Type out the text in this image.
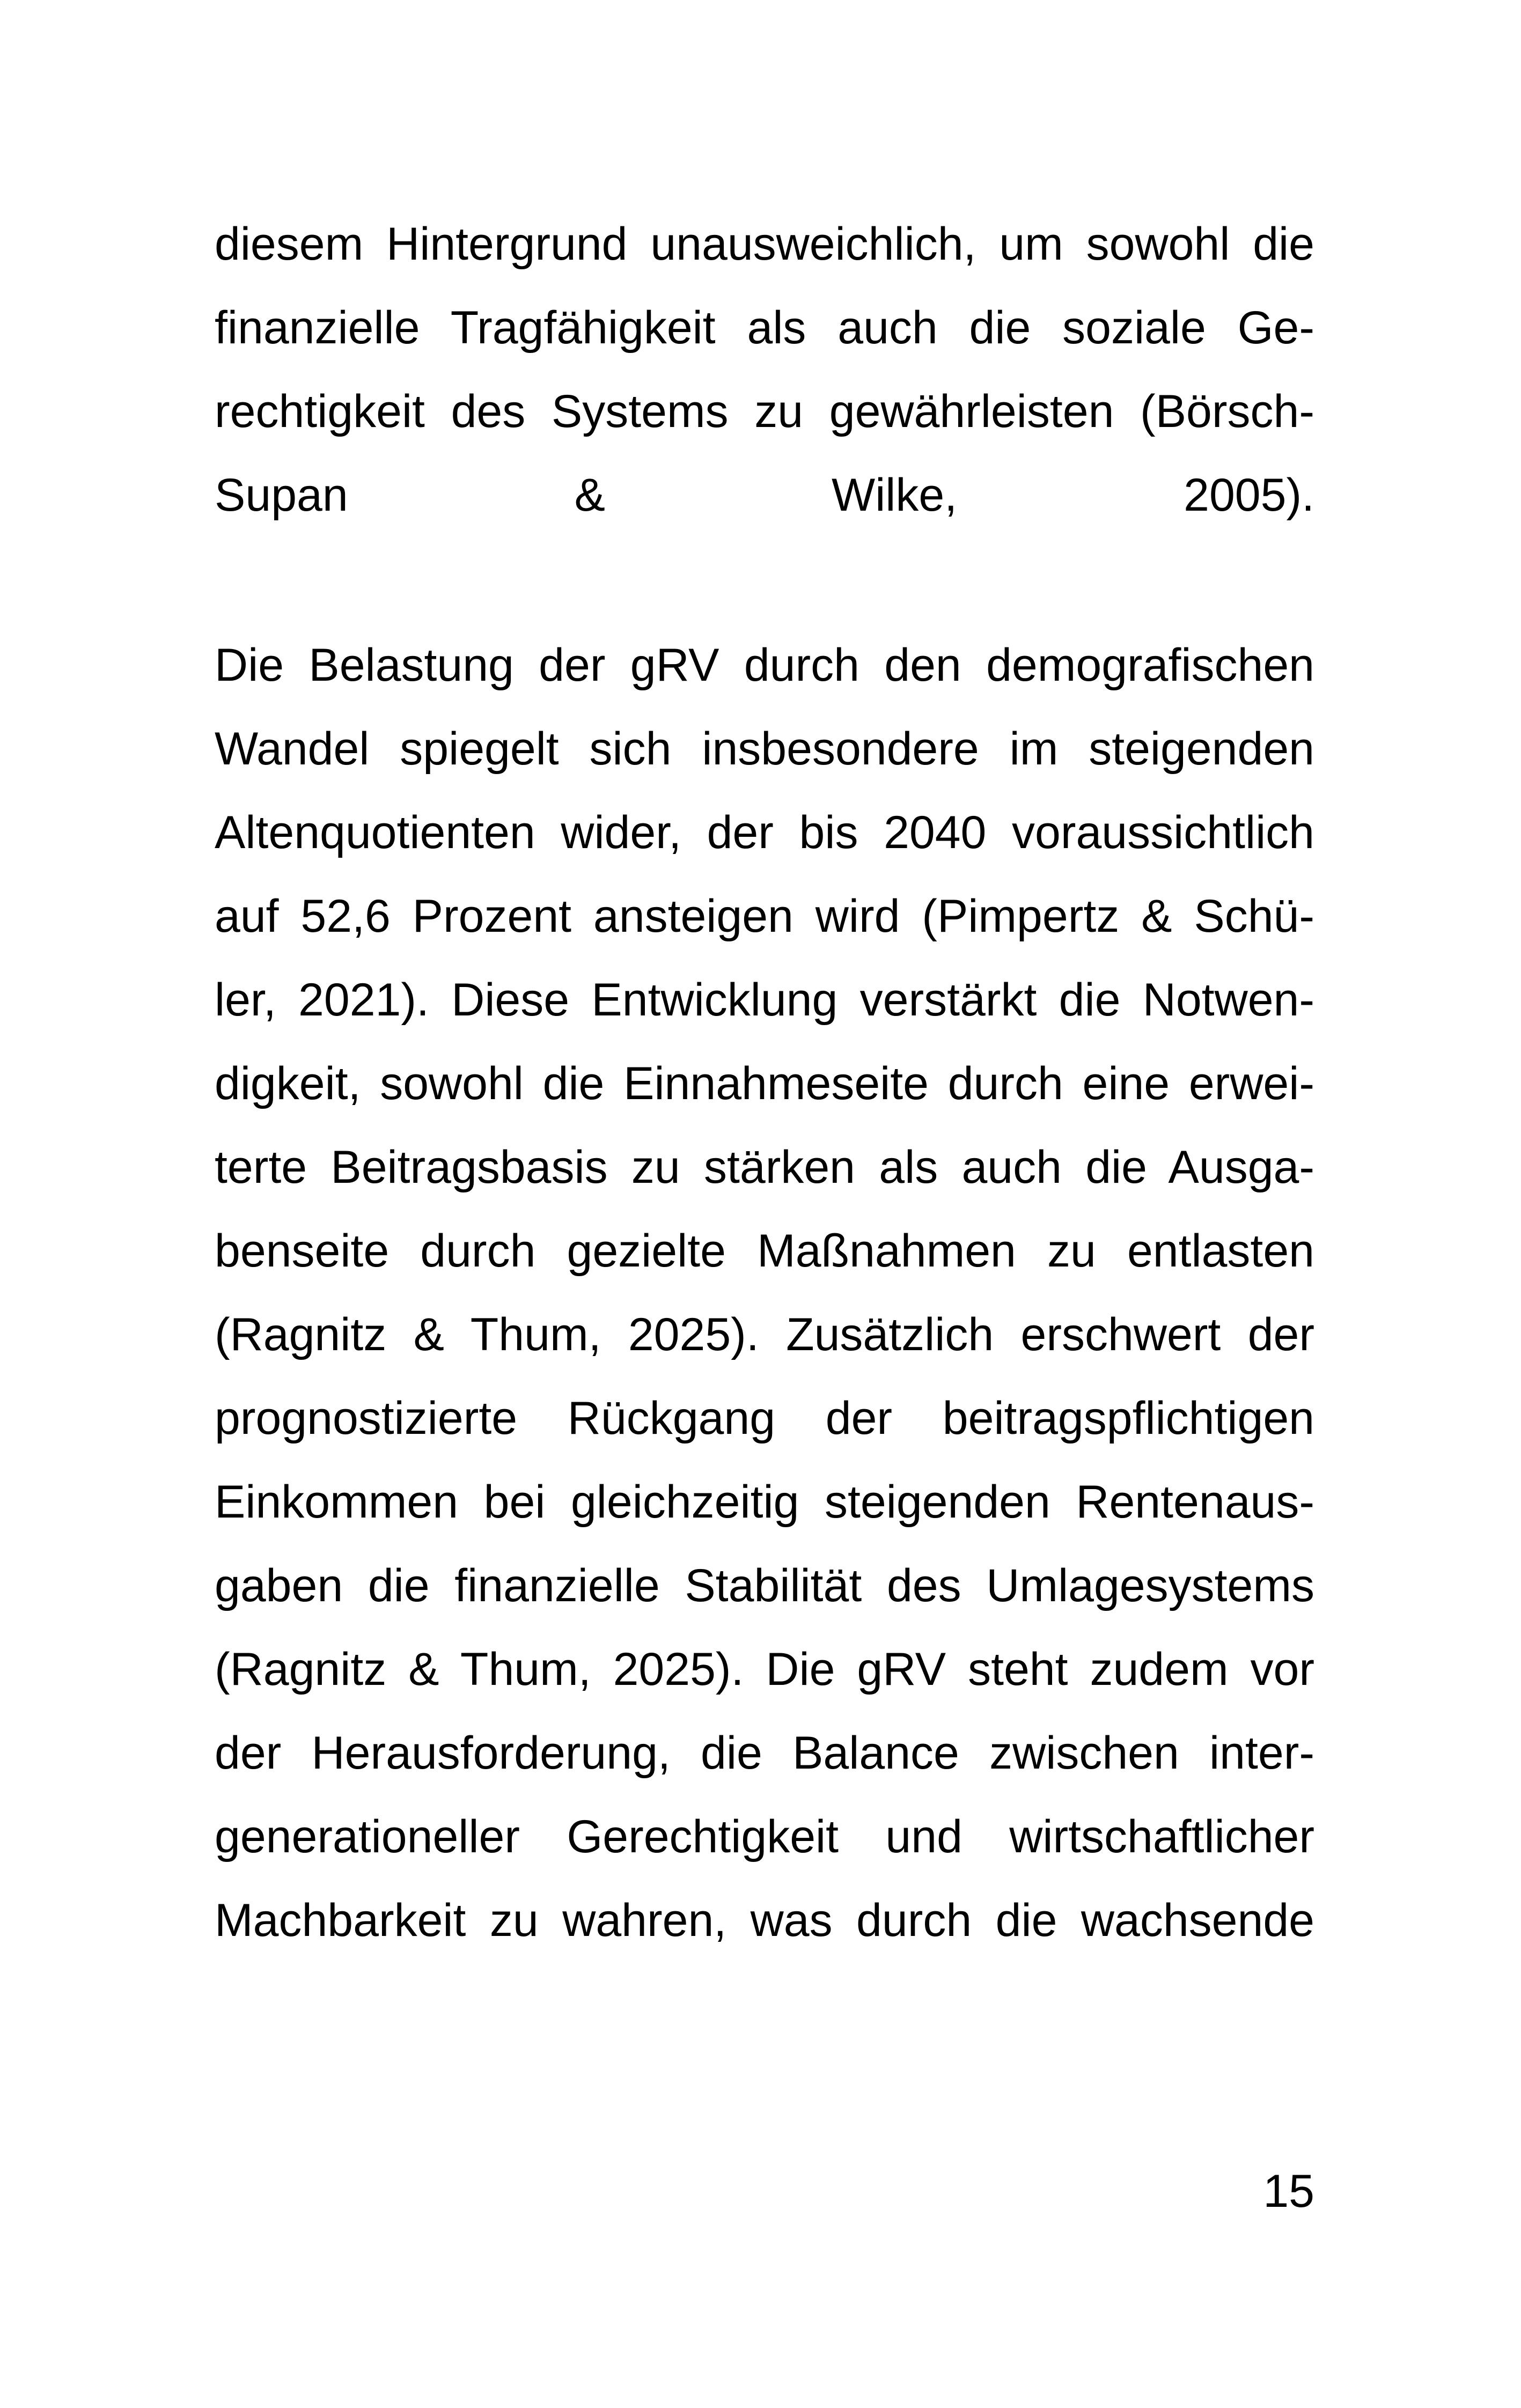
diesem Hintergrund unausweichlich, um sowohl die
finanzielle Tragfähigkeit als auch die soziale Ge-
rechtigkeit des Systems zu gewährleisten (Börsch-
Supan & Wilke, 2005).
Die Belastung der gRV durch den demografischen
Wandel spiegelt sich insbesondere im steigenden
Altenquotienten wider, der bis 2040 voraussichtlich
auf 52,6 Prozent ansteigen wird (Pimpertz & Schü-
ler, 2021). Diese Entwicklung verstärkt die Notwen-
digkeit, sowohl die Einnahmeseite durch eine erwei-
terte Beitragsbasis zu stärken als auch die Ausga-
benseite durch gezielte Maßnahmen zu entlasten
(Ragnitz & Thum, 2025). Zusätzlich erschwert der
prognostizierte Rückgang der beitragspflichtigen
Einkommen bei gleichzeitig steigenden Rentenaus-
gaben die finanzielle Stabilität des Umlagesystems
(Ragnitz & Thum, 2025). Die gRV steht zudem vor
der Herausforderung, die Balance zwischen inter-
generationeller Gerechtigkeit und wirtschaftlicher
Machbarkeit zu wahren, was durch die wachsende
15
